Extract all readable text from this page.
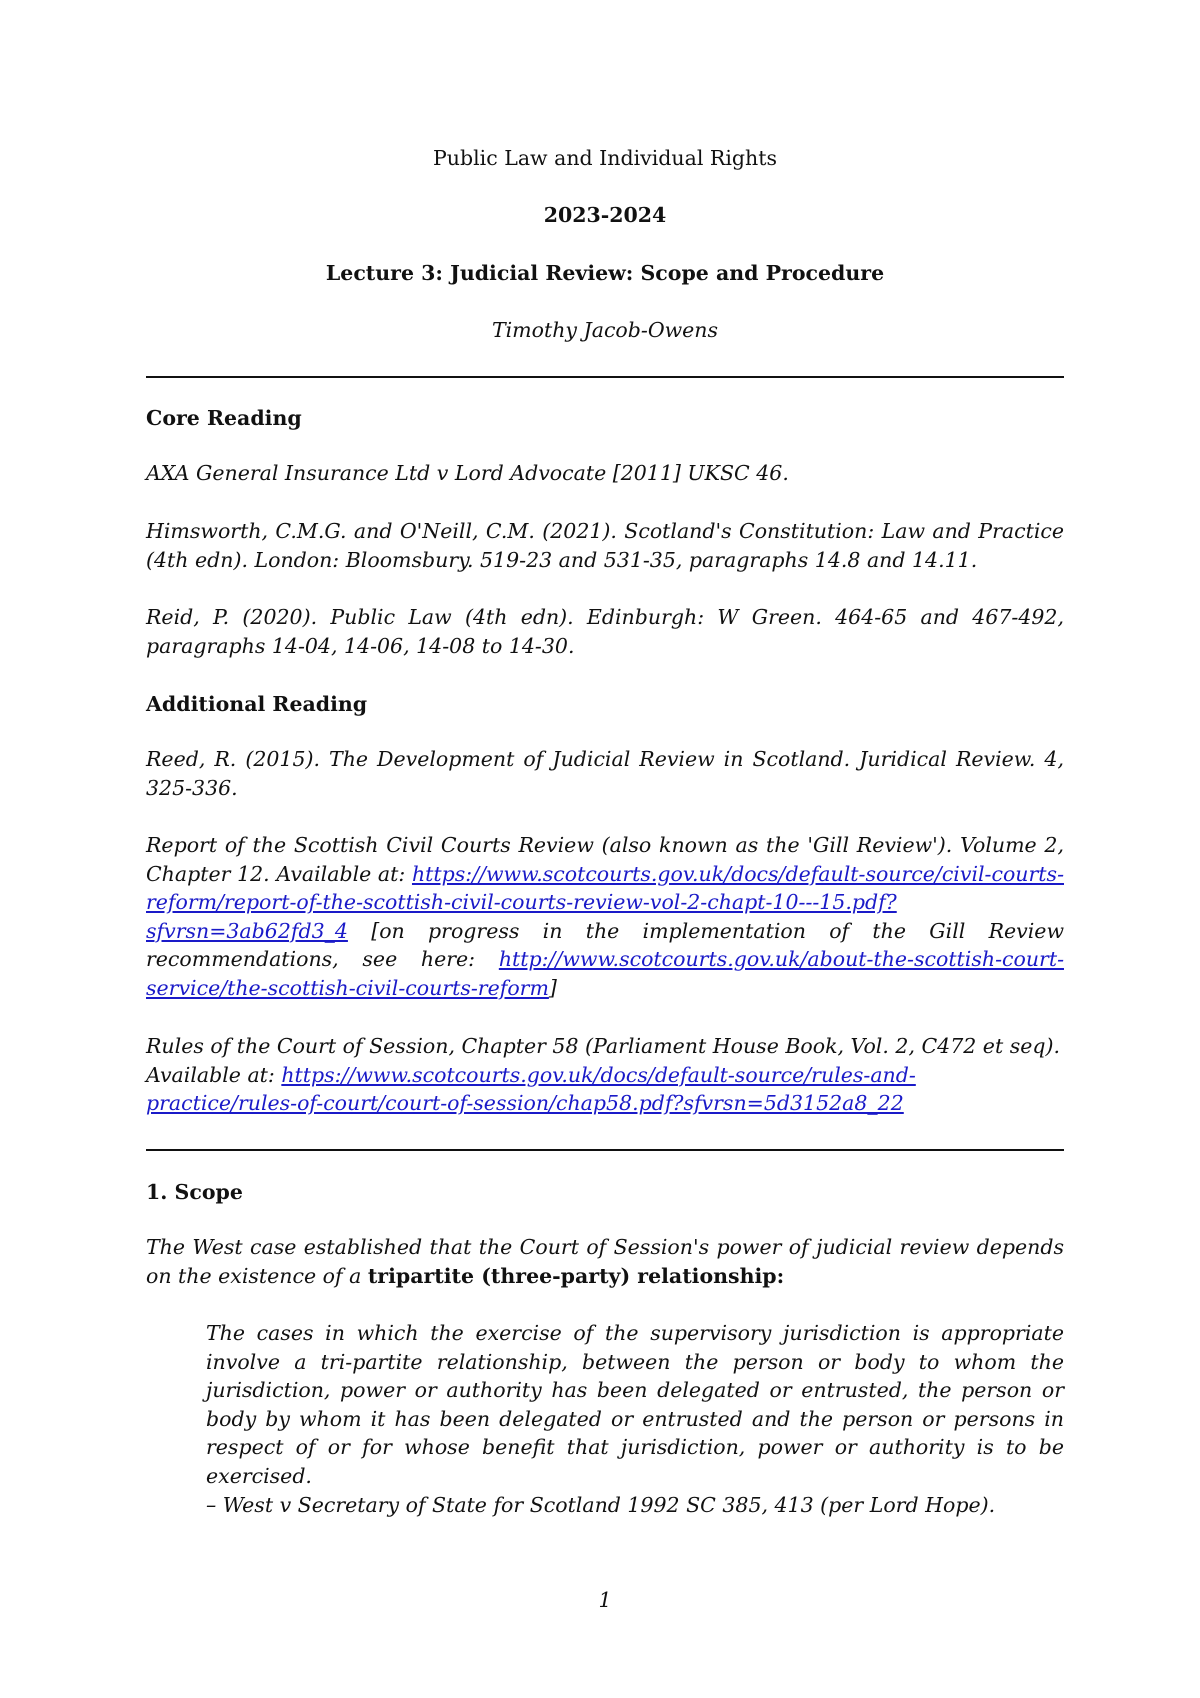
Public Law and Individual Rights
2023-2024
Lecture 3: Judicial Review: Scope and Procedure
Timothy Jacob-Owens
Core Reading
AXA General Insurance Ltd v Lord Advocate [2011] UKSC 46.
Himsworth, C.M.G. and O'Neill, C.M. (2021). Scotland's Constitution: Law and Practice (4th edn). London: Bloomsbury. 519-23 and 531-35, paragraphs 14.8 and 14.11.
Reid, P. (2020). Public Law (4th edn). Edinburgh: W Green. 464-65 and 467-492, paragraphs 14-04, 14-06, 14-08 to 14-30.
Additional Reading
Reed, R. (2015). The Development of Judicial Review in Scotland. Juridical Review. 4, 325-336.
Report of the Scottish Civil Courts Review (also known as the 'Gill Review'). Volume 2, Chapter 12. Available at: https://www.scotcourts.gov.uk/docs/default-source/civil-courts-reform/report-of-the-scottish-civil-courts-review-vol-2-chapt-10---15.pdf?sfvrsn=3ab62fd3_4 [on progress in the implementation of the Gill Review recommendations, see here: http://www.scotcourts.gov.uk/about-the-scottish-court-service/the-scottish-civil-courts-reform]
Rules of the Court of Session, Chapter 58 (Parliament House Book, Vol. 2, C472 et seq). Available at: https://www.scotcourts.gov.uk/docs/default-source/rules-and-practice/rules-of-court/court-of-session/chap58.pdf?sfvrsn=5d3152a8_22
1. Scope
The West case established that the Court of Session's power of judicial review depends on the existence of a tripartite (three-party) relationship:
The cases in which the exercise of the supervisory jurisdiction is appropriate involve a tri-partite relationship, between the person or body to whom the jurisdiction, power or authority has been delegated or entrusted, the person or body by whom it has been delegated or entrusted and the person or persons in respect of or for whose benefit that jurisdiction, power or authority is to be exercised.
– West v Secretary of State for Scotland 1992 SC 385, 413 (per Lord Hope).
1
